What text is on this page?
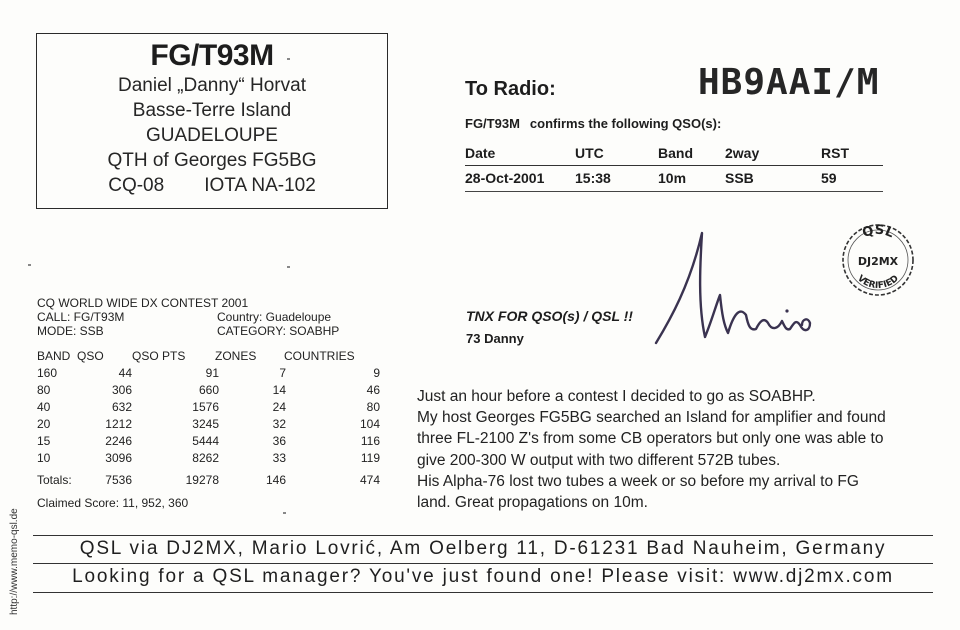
FG/T93M
Daniel „Danny“ Horvat
Basse-Terre Island
GUADELOUPE
QTH of Georges FG5BG
CQ-08 IOTA NA-102
To Radio:	HB9AAI/M
FG/T93M confirms the following QSO(s):
Date	UTC	Band	2way	RST
28-Oct-2001	15:38	10m	SSB	59
QSL
DJ2MX
VERIFIED
TNX FOR QSO(s) / QSL !!
73 Danny
CQ WORLD WIDE DX CONTEST 2001
CALL: FG/T93M	Country: Guadeloupe
MODE: SSB	CATEGORY: SOABHP
BAND QSO	QSO PTS	ZONES	COUNTRIES
160	44	91	7	9
80	306	660	14	46
40	632	1576	24	80
20	1212	3245	32	104
15	2246	5444	36	116
10	3096	8262	33	119
Totals:	7536	19278	146	474
Claimed Score: 11, 952, 360

Just an hour before a contest I decided to go as SOABHP.

My host Georges FG5BG searched an Island for amplifier and found

three FL-2100 Z's from some CB operators but only one was able to

give 200-300 W output with two different 572B tubes.

His Alpha-76 lost two tubes a week or so before my arrival to FG

land. Great propagations on 10m.

QSL via DJ2MX, Mario Lovrić, Am Oelberg 11, D-61231 Bad Nauheim, Germany
Looking for a QSL manager? You've just found one! Please visit: www.dj2mx.com
http://www.memo-qsl.de
